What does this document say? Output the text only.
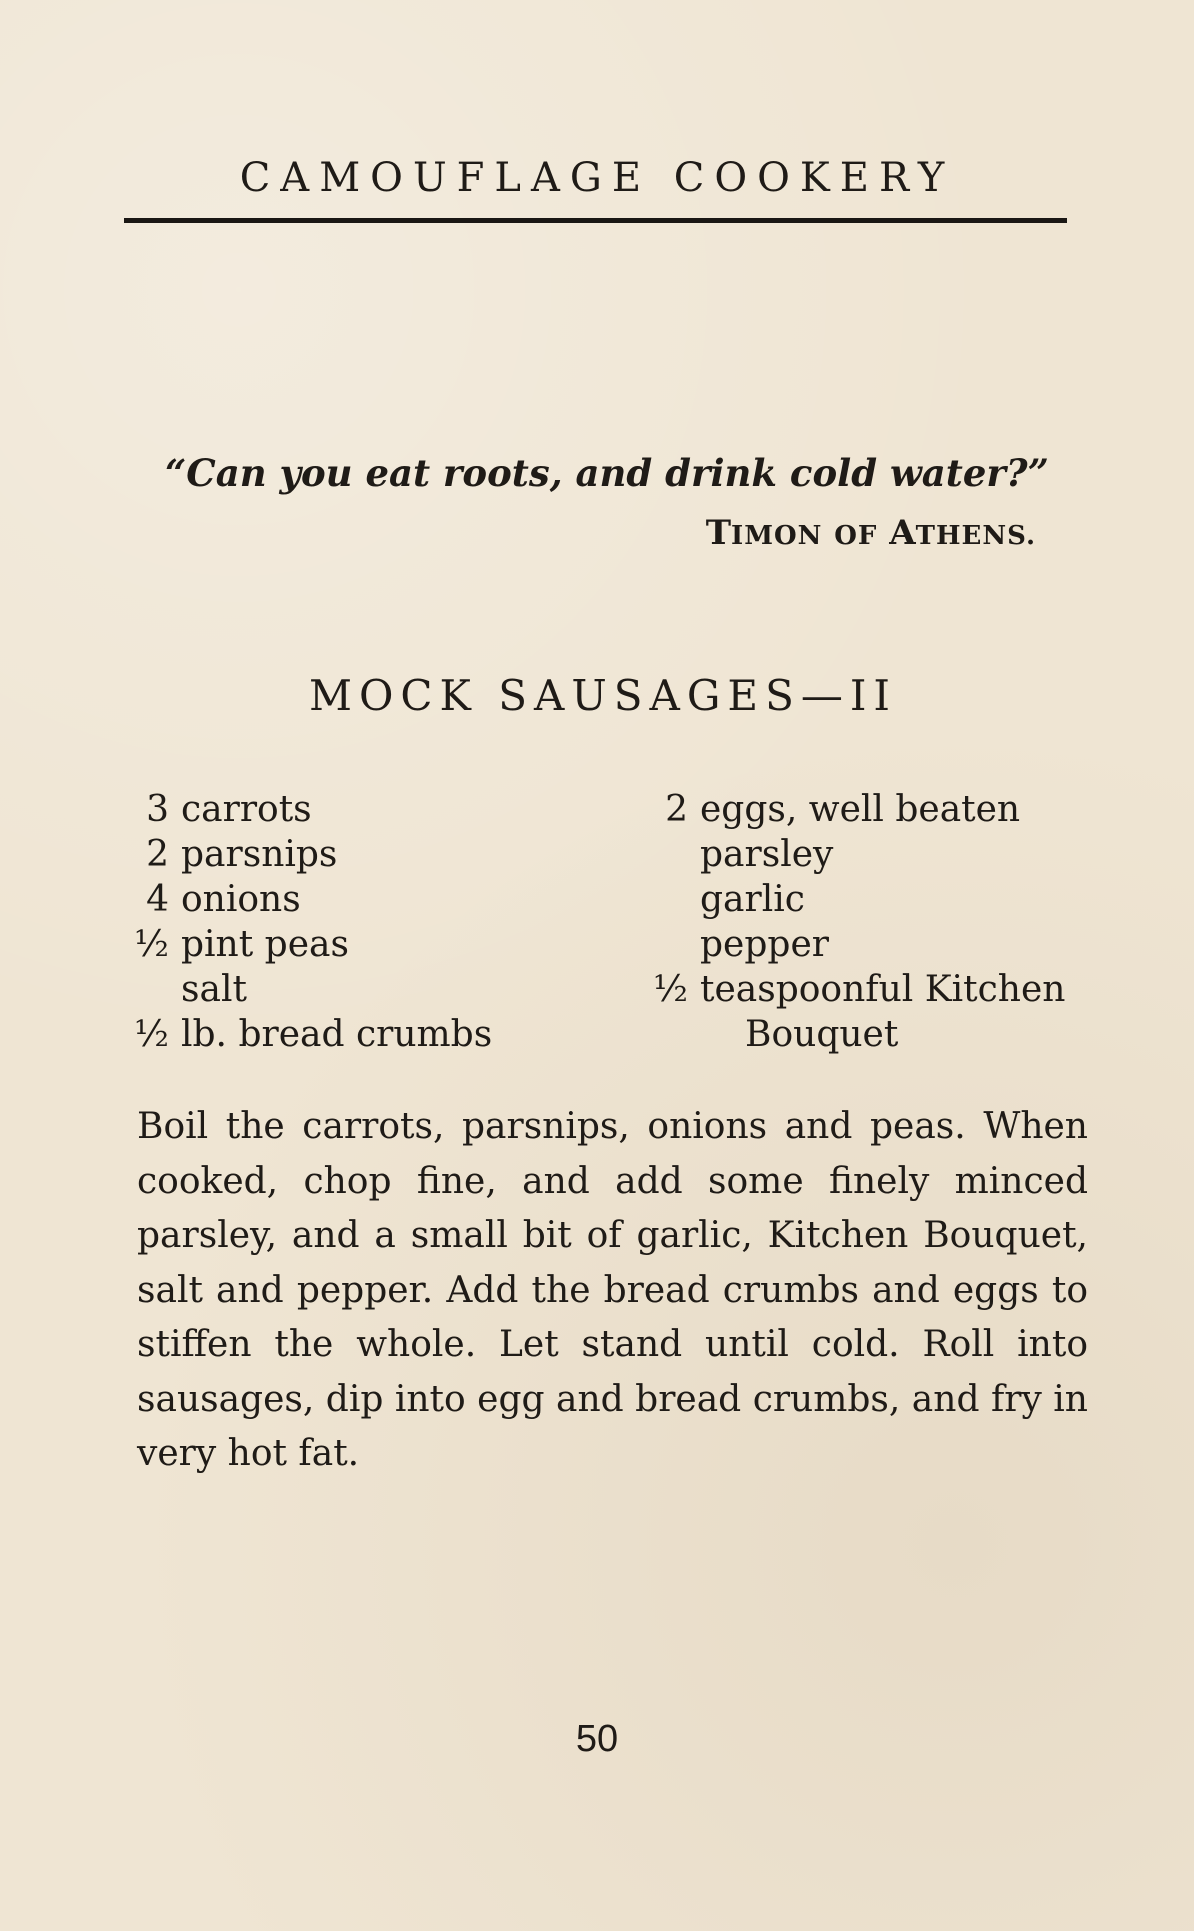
CAMOUFLAGE COOKERY
“Can you eat roots, and drink cold water?”
TIMON OF ATHENS.
MOCK SAUSAGES—II
3 carrots
2 parsnips
4 onions
½ pint peas
salt
½ lb. bread crumbs
2 eggs, well beaten
parsley
garlic
pepper
½ teaspoonful Kitchen
Bouquet
Boil the carrots, parsnips, onions and peas. When cooked, chop fine, and add some finely minced parsley, and a small bit of garlic, Kitchen Bouquet, salt and pepper. Add the bread crumbs and eggs to stiffen the whole. Let stand until cold. Roll into sausages, dip into egg and bread crumbs, and fry in very hot fat.
50
